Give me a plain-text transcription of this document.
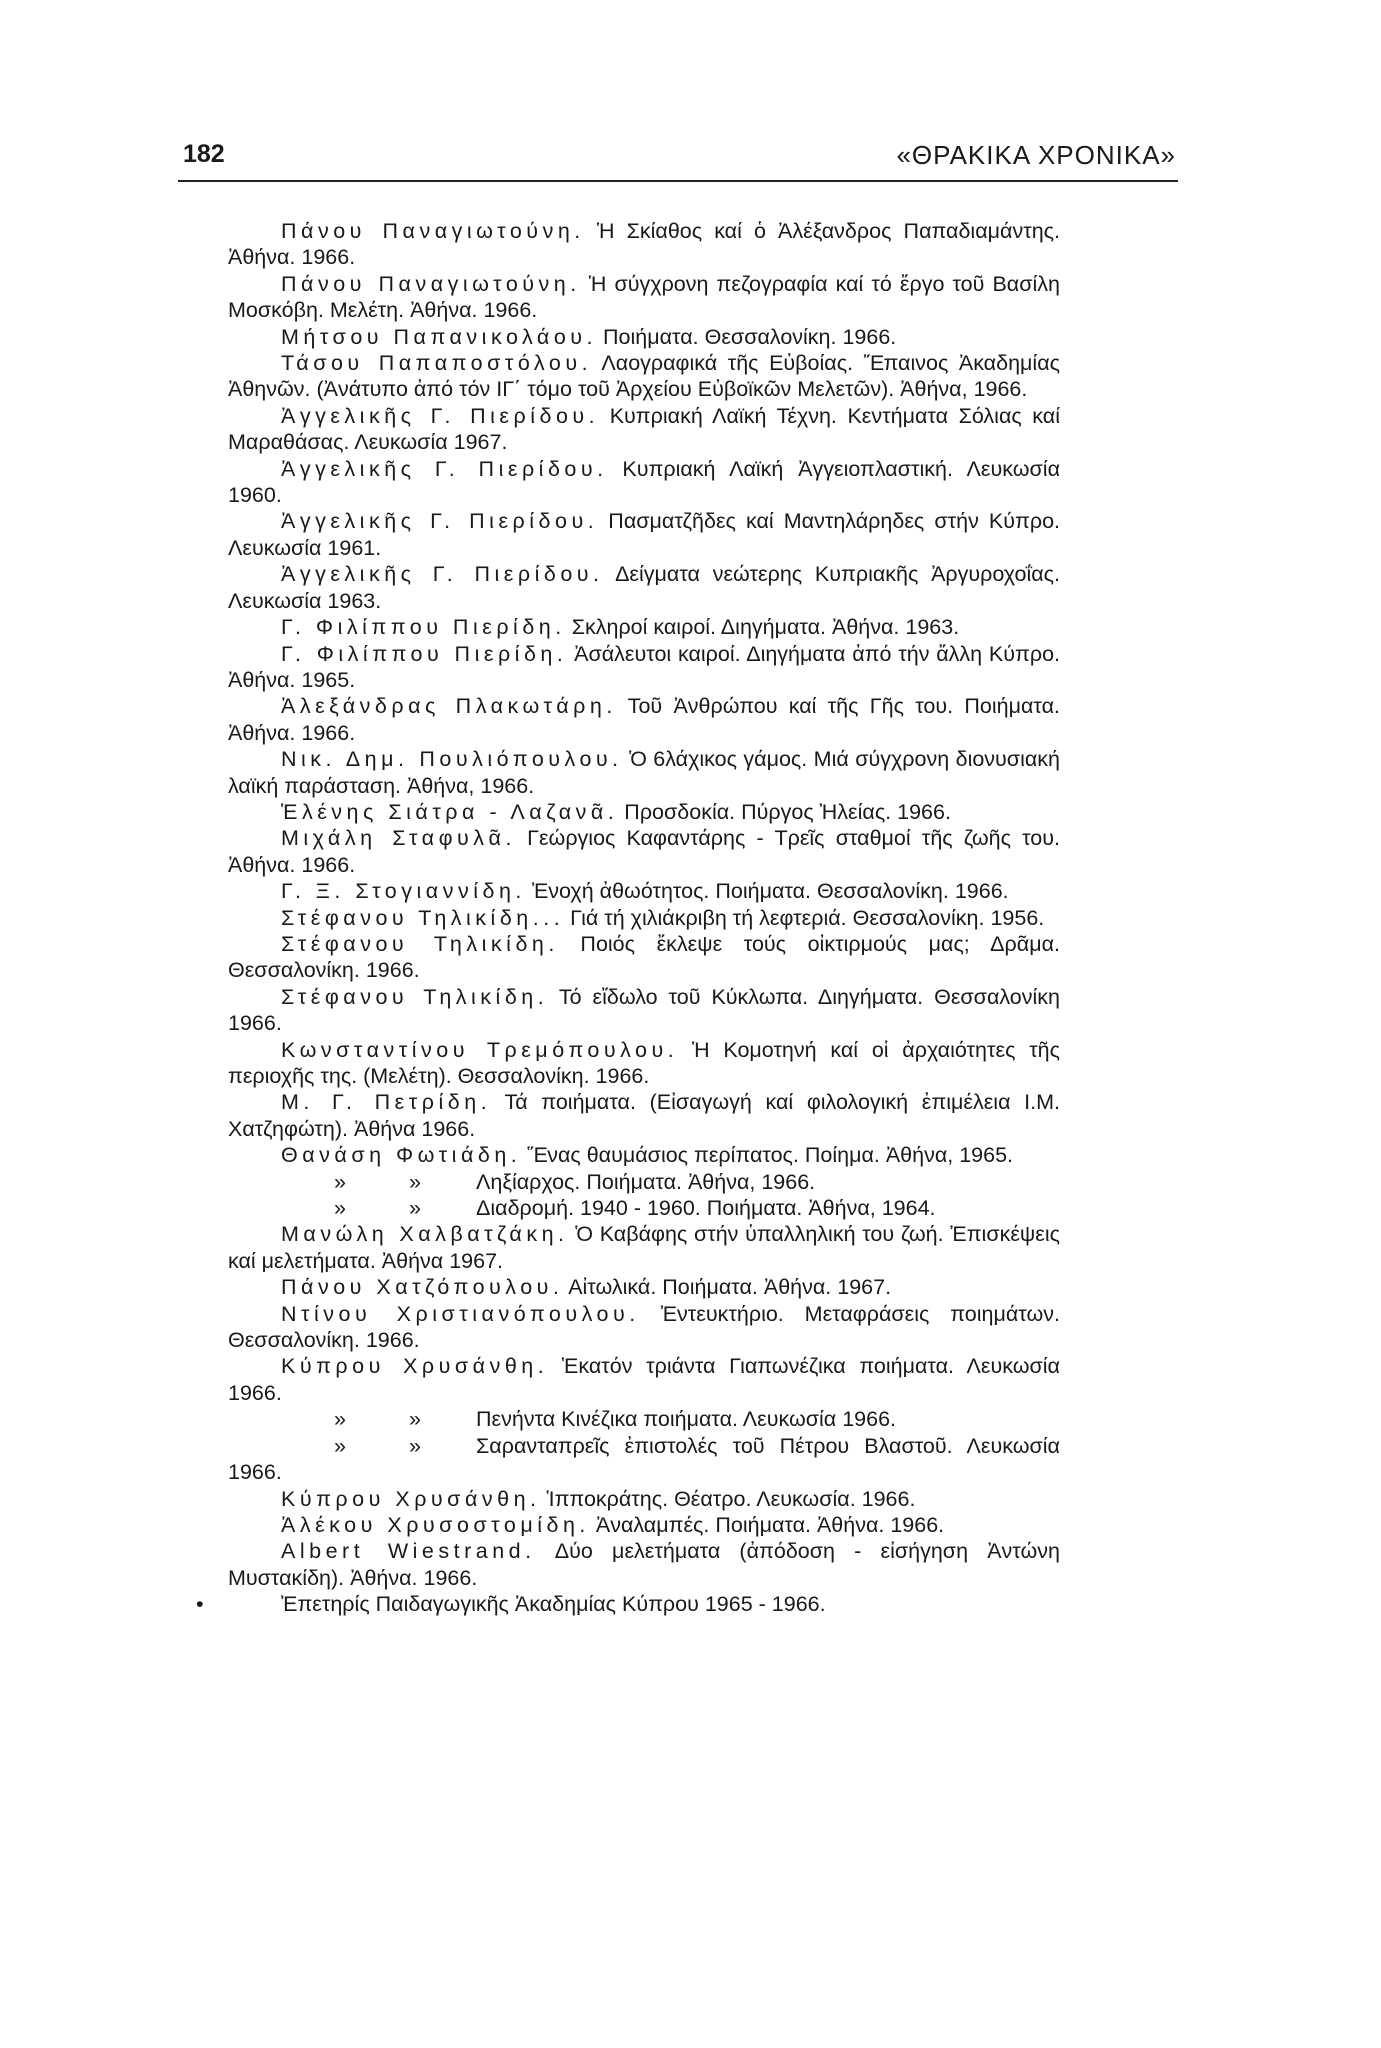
182	«ΘΡΑΚΙΚΑ ΧΡΟΝΙΚΑ»

Πάνου Παναγιωτούνη. Ἡ Σκίαθος καί ὁ Ἀλέξανδρος Παπαδιαμάντης. Ἀθήνα. 1966.

Πάνου Παναγιωτούνη. Ἡ σύγχρονη πεζογραφία καί τό ἔργο τοῦ Βασίλη Μοσκόβη. Μελέτη. Ἀθήνα. 1966.

Μήτσου Παπανικολάου. Ποιήματα. Θεσσαλονίκη. 1966.

Τάσου Παπαποστόλου. Λαογραφικά τῆς Εὐβοίας. Ἔπαινος Ἀκαδημίας Ἀθηνῶν. (Ἀνάτυπο ἀπό τόν ΙΓ΄ τόμο τοῦ Ἀρχείου Εὐβοϊκῶν Μελετῶν). Ἀθήνα, 1966.

Ἀγγελικῆς Γ. Πιερίδου. Κυπριακή Λαϊκή Τέχνη. Κεντήματα Σόλιας καί Μαραθάσας. Λευκωσία 1967.

Ἀγγελικῆς Γ. Πιερίδου. Κυπριακή Λαϊκή Ἀγγειοπλαστική. Λευκωσία 1960.

Ἀγγελικῆς Γ. Πιερίδου. Πασματζῆδες καί Μαντηλάρηδες στήν Κύπρο. Λευκωσία 1961.

Ἀγγελικῆς Γ. Πιερίδου. Δείγματα νεώτερης Κυπριακῆς Ἀργυροχοΐας. Λευκωσία 1963.

Γ. Φιλίππου Πιερίδη. Σκληροί καιροί. Διηγήματα. Ἀθήνα. 1963.

Γ. Φιλίππου Πιερίδη. Ἀσάλευτοι καιροί. Διηγήματα ἀπό τήν ἄλλη Κύπρο. Ἀθήνα. 1965.

Ἀλεξάνδρας Πλακωτάρη. Τοῦ Ἀνθρώπου καί τῆς Γῆς του. Ποιήματα. Ἀθήνα. 1966.

Νικ. Δημ. Πουλιόπουλου. Ὁ 6λάχικος γάμος. Μιά σύγχρονη διονυσιακή λαϊκή παράσταση. Ἀθήνα, 1966.

Ἑλένης Σιάτρα - Λαζανᾶ. Προσδοκία. Πύργος Ἠλείας. 1966.

Μιχάλη Σταφυλᾶ. Γεώργιος Καφαντάρης - Τρεῖς σταθμοί τῆς ζωῆς του. Ἀθήνα. 1966.

Γ. Ξ. Στογιαννίδη. Ἐνοχή ἀθωότητος. Ποιήματα. Θεσσαλονίκη. 1966.

Στέφανου Τηλικίδη... Γιά τή χιλιάκριβη τή λεφτεριά. Θεσσαλονίκη. 1956.

Στέφανου Τηλικίδη. Ποιός ἔκλεψε τούς οἰκτιρμούς μας; Δρᾶμα. Θεσσαλονίκη. 1966.

Στέφανου Τηλικίδη. Τό εἴδωλο τοῦ Κύκλωπα. Διηγήματα. Θεσσαλονίκη 1966.

Κωνσταντίνου Τρεμόπουλου. Ἡ Κομοτηνή καί οἱ ἀρχαιότητες τῆς περιοχῆς της. (Μελέτη). Θεσσαλονίκη. 1966.

Μ. Γ. Πετρίδη. Τά ποιήματα. (Εἰσαγωγή καί φιλολογική ἐπιμέλεια Ι.Μ. Χατζηφώτη). Ἀθήνα 1966.

Θανάση Φωτιάδη. Ἕνας θαυμάσιος περίπατος. Ποίημα. Ἀθήνα, 1965.

»	»	Ληξίαρχος. Ποιήματα. Ἀθήνα, 1966.

»	»	Διαδρομή. 1940 - 1960. Ποιήματα. Ἀθήνα, 1964.

Μανώλη Χαλβατζάκη. Ὁ Καβάφης στήν ὑπαλληλική του ζωή. Ἐπισκέψεις καί μελετήματα. Ἀθήνα 1967.

Πάνου Χατζόπουλου. Αἰτωλικά. Ποιήματα. Ἀθήνα. 1967.

Ντίνου Χριστιανόπουλου. Ἐντευκτήριο. Μεταφράσεις ποιημάτων. Θεσσαλονίκη. 1966.

Κύπρου Χρυσάνθη. Ἑκατόν τριάντα Γιαπωνέζικα ποιήματα. Λευκωσία 1966.

»	»	Πενήντα Κινέζικα ποιήματα. Λευκωσία 1966.

»	»	Σαρανταπρεῖς ἐπιστολές τοῦ Πέτρου Βλαστοῦ. Λευκωσία 1966.

Κύπρου Χρυσάνθη. Ἱπποκράτης. Θέατρο. Λευκωσία. 1966.

Ἀλέκου Χρυσοστομίδη. Ἀναλαμπές. Ποιήματα. Ἀθήνα. 1966.

Albert Wiestrand. Δύο μελετήματα (ἀπόδοση - εἰσήγηση Ἀντώνη Μυστακίδη). Ἀθήνα. 1966.

•	Ἐπετηρίς Παιδαγωγικῆς Ἀκαδημίας Κύπρου 1965 - 1966.
